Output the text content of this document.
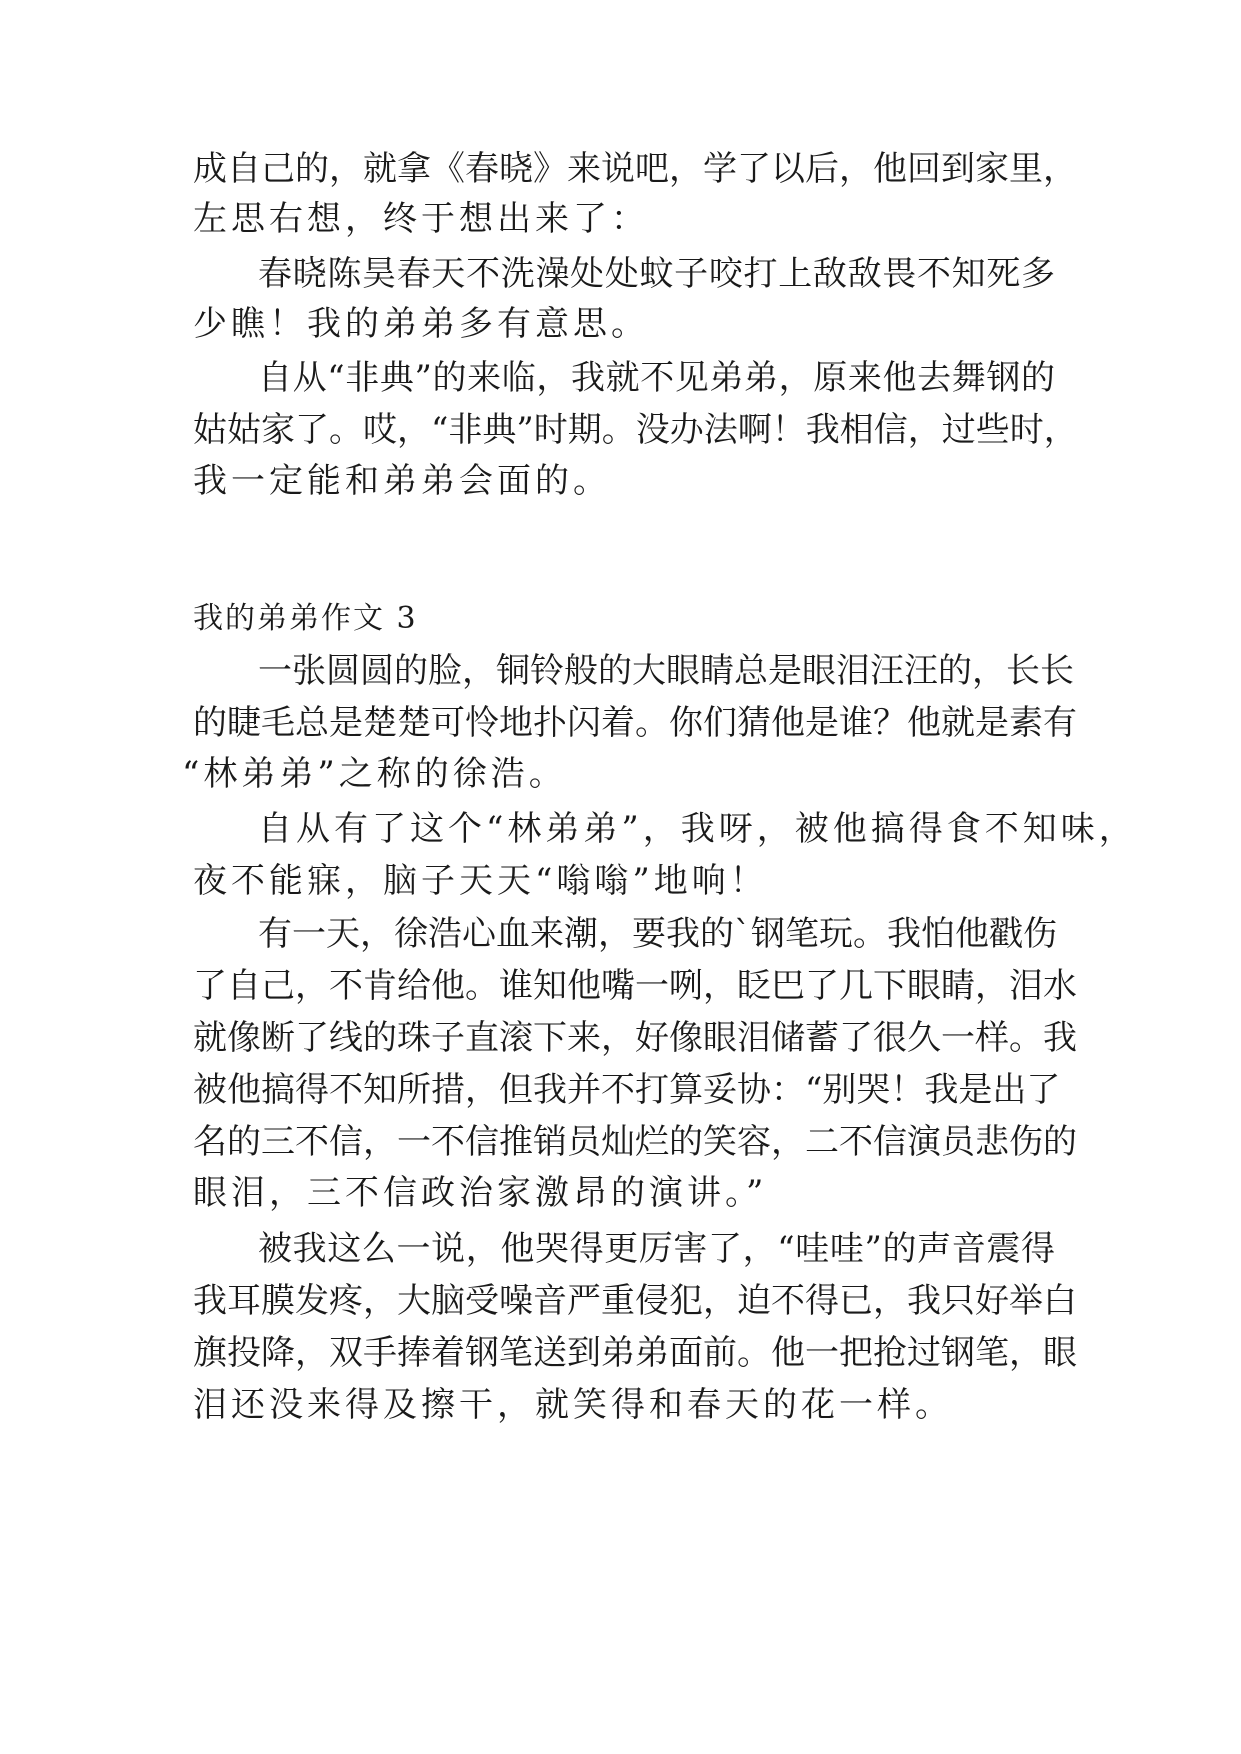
成自己的，就拿《春晓》来说吧，学了以后，他回到家里，
左思右想，终于想出来了：
春晓陈昊春天不洗澡处处蚊子咬打上敌敌畏不知死多
少瞧！我的弟弟多有意思。
自从“非典”的来临，我就不见弟弟，原来他去舞钢的
姑姑家了。哎，“非典”时期。没办法啊！我相信，过些时，
我一定能和弟弟会面的。
我的弟弟作文 3
一张圆圆的脸，铜铃般的大眼睛总是眼泪汪汪的，长长
的睫毛总是楚楚可怜地扑闪着。你们猜他是谁？他就是素有
“林弟弟”之称的徐浩。
自从有了这个“林弟弟”，我呀，被他搞得食不知味，
夜不能寐，脑子天天“嗡嗡”地响！
有一天，徐浩心血来潮，要我的`钢笔玩。我怕他戳伤
了自己，不肯给他。谁知他嘴一咧，眨巴了几下眼睛，泪水
就像断了线的珠子直滚下来，好像眼泪储蓄了很久一样。我
被他搞得不知所措，但我并不打算妥协：“别哭！我是出了
名的三不信，一不信推销员灿烂的笑容，二不信演员悲伤的
眼泪，三不信政治家激昂的演讲。”
被我这么一说，他哭得更厉害了，“哇哇”的声音震得
我耳膜发疼，大脑受噪音严重侵犯，迫不得已，我只好举白
旗投降，双手捧着钢笔送到弟弟面前。他一把抢过钢笔，眼
泪还没来得及擦干，就笑得和春天的花一样。
